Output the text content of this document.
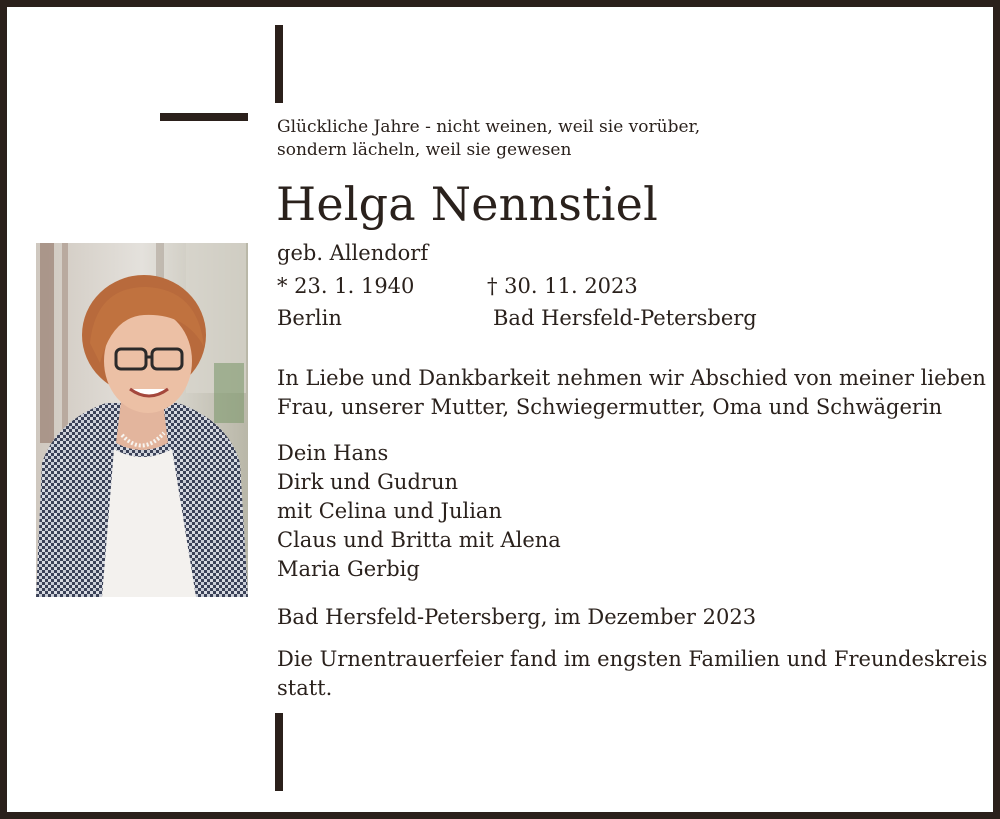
Glückliche Jahre - nicht weinen, weil sie vorüber,
sondern lächeln, weil sie gewesen
Helga Nennstiel
geb. Allendorf
* 23. 1. 1940	† 30. 11. 2023
Berlin	Bad Hersfeld-Petersberg
In Liebe und Dankbarkeit nehmen wir Abschied von meiner lieben
Frau, unserer Mutter, Schwiegermutter, Oma und Schwägerin
Dein Hans
Dirk und Gudrun
mit Celina und Julian
Claus und Britta mit Alena
Maria Gerbig
Bad Hersfeld-Petersberg, im Dezember 2023
Die Urnentrauerfeier fand im engsten Familien und Freundeskreis
statt.
